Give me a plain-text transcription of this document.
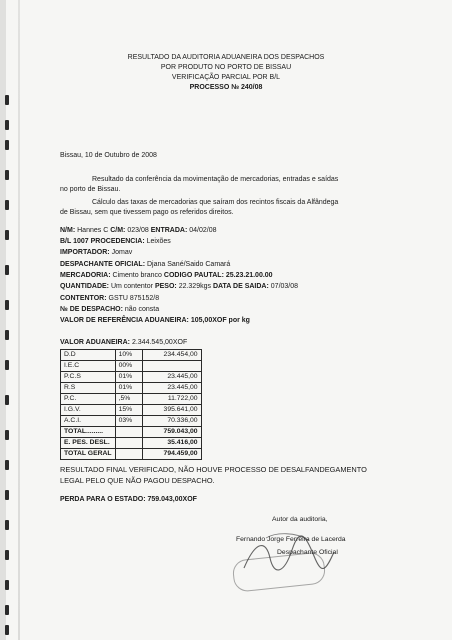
RESULTADO DA AUDITORIA ADUANEIRA DOS DESPACHOS
POR PRODUTO NO PORTO DE BISSAU
VERIFICAÇÃO PARCIAL POR B/L
PROCESSO № 240/08
Bissau, 10 de Outubro de 2008
Resultado da conferência da movimentação de mercadorias, entradas e saídas
no porto de Bissau.
Cálculo das taxas de mercadorias que saíram dos recintos fiscais da Alfândega
de Bissau, sem que tivessem pago os referidos direitos.
N/M: Hannes C C/M: 023/08 ENTRADA: 04/02/08
B/L 1007 PROCEDENCIA: Leixões
IMPORTADOR: Jomav
DESPACHANTE OFICIAL: Djana Sané/Saido Camará
MERCADORIA: Cimento branco CODIGO PAUTAL: 25.23.21.00.00
QUANTIDADE: Um contentor PESO: 22.329kgs DATA DE SAIDA: 07/03/08
CONTENTOR: GSTU 875152/8
№ DE DESPACHO: não consta
VALOR DE REFERÊNCIA ADUANEIRA: 105,00XOF por kg
VALOR ADUANEIRA: 2.344.545,00XOF
D.D	10%	234.454,00
I.E.C	00%	
P.C.S	01%	23.445,00
R.S	01%	23.445,00
P.C.	,5%	11.722,00
I.G.V.	15%	395.641,00
A.C.I.	03%	70.336,00
TOTAL.........		759.043,00
E. PES. DESL.		35.416,00
TOTAL GERAL		794.459,00
RESULTADO FINAL VERIFICADO, NÃO HOUVE PROCESSO DE DESALFANDEGAMENTO
LEGAL PELO QUE NÃO PAGOU DESPACHO.
PERDA PARA O ESTADO: 759.043,00XOF
Autor da auditoria,
Fernando Jorge Ferreira de Lacerda
Despachante Oficial
